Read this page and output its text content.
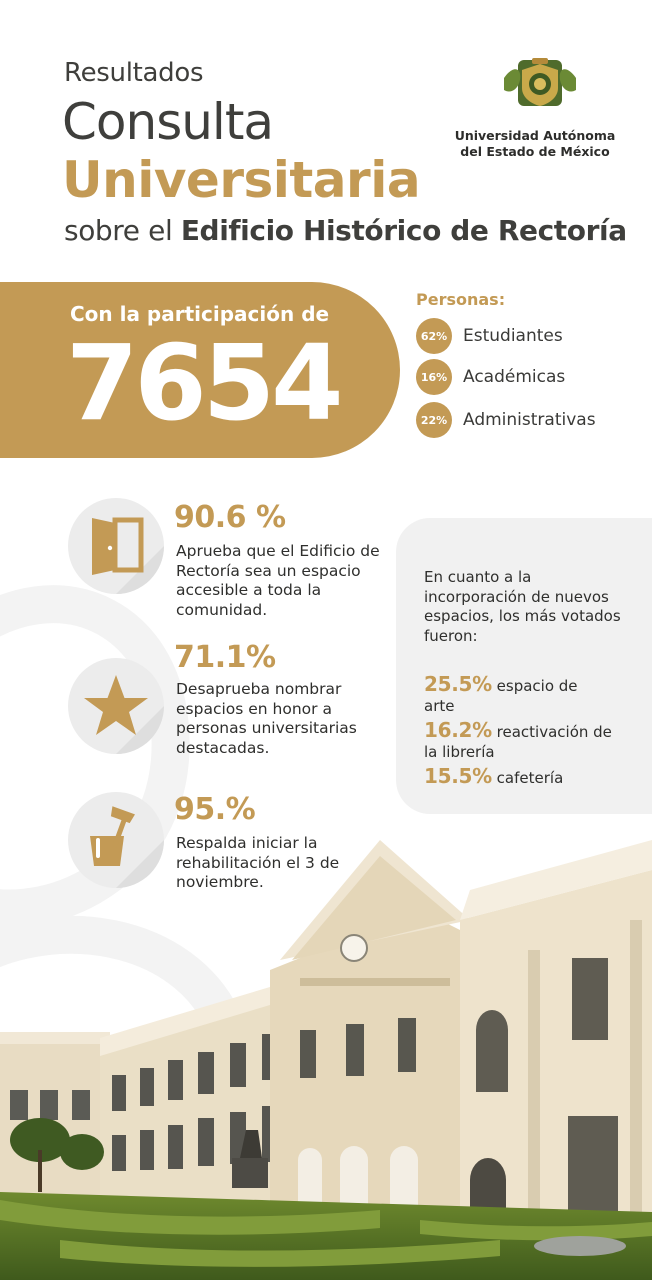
Resultados
Consulta
Universitaria
sobre el Edificio Histórico de Rectoría
Universidad Autónoma
del Estado de México
Con la participación de
7654
Personas:
62% Estudiantes
16% Académicas
22% Administrativas
90.6 %
Aprueba que el Edificio de Rectoría sea un espacio accesible a toda la comunidad.
71.1%
Desaprueba nombrar espacios en honor a personas universitarias destacadas.
95.%
Respalda iniciar la rehabilitación el 3 de noviembre.
En cuanto a la incorporación de nuevos espacios, los más votados fueron:
25.5% espacio de arte
16.2% reactivación de la librería
15.5% cafetería
